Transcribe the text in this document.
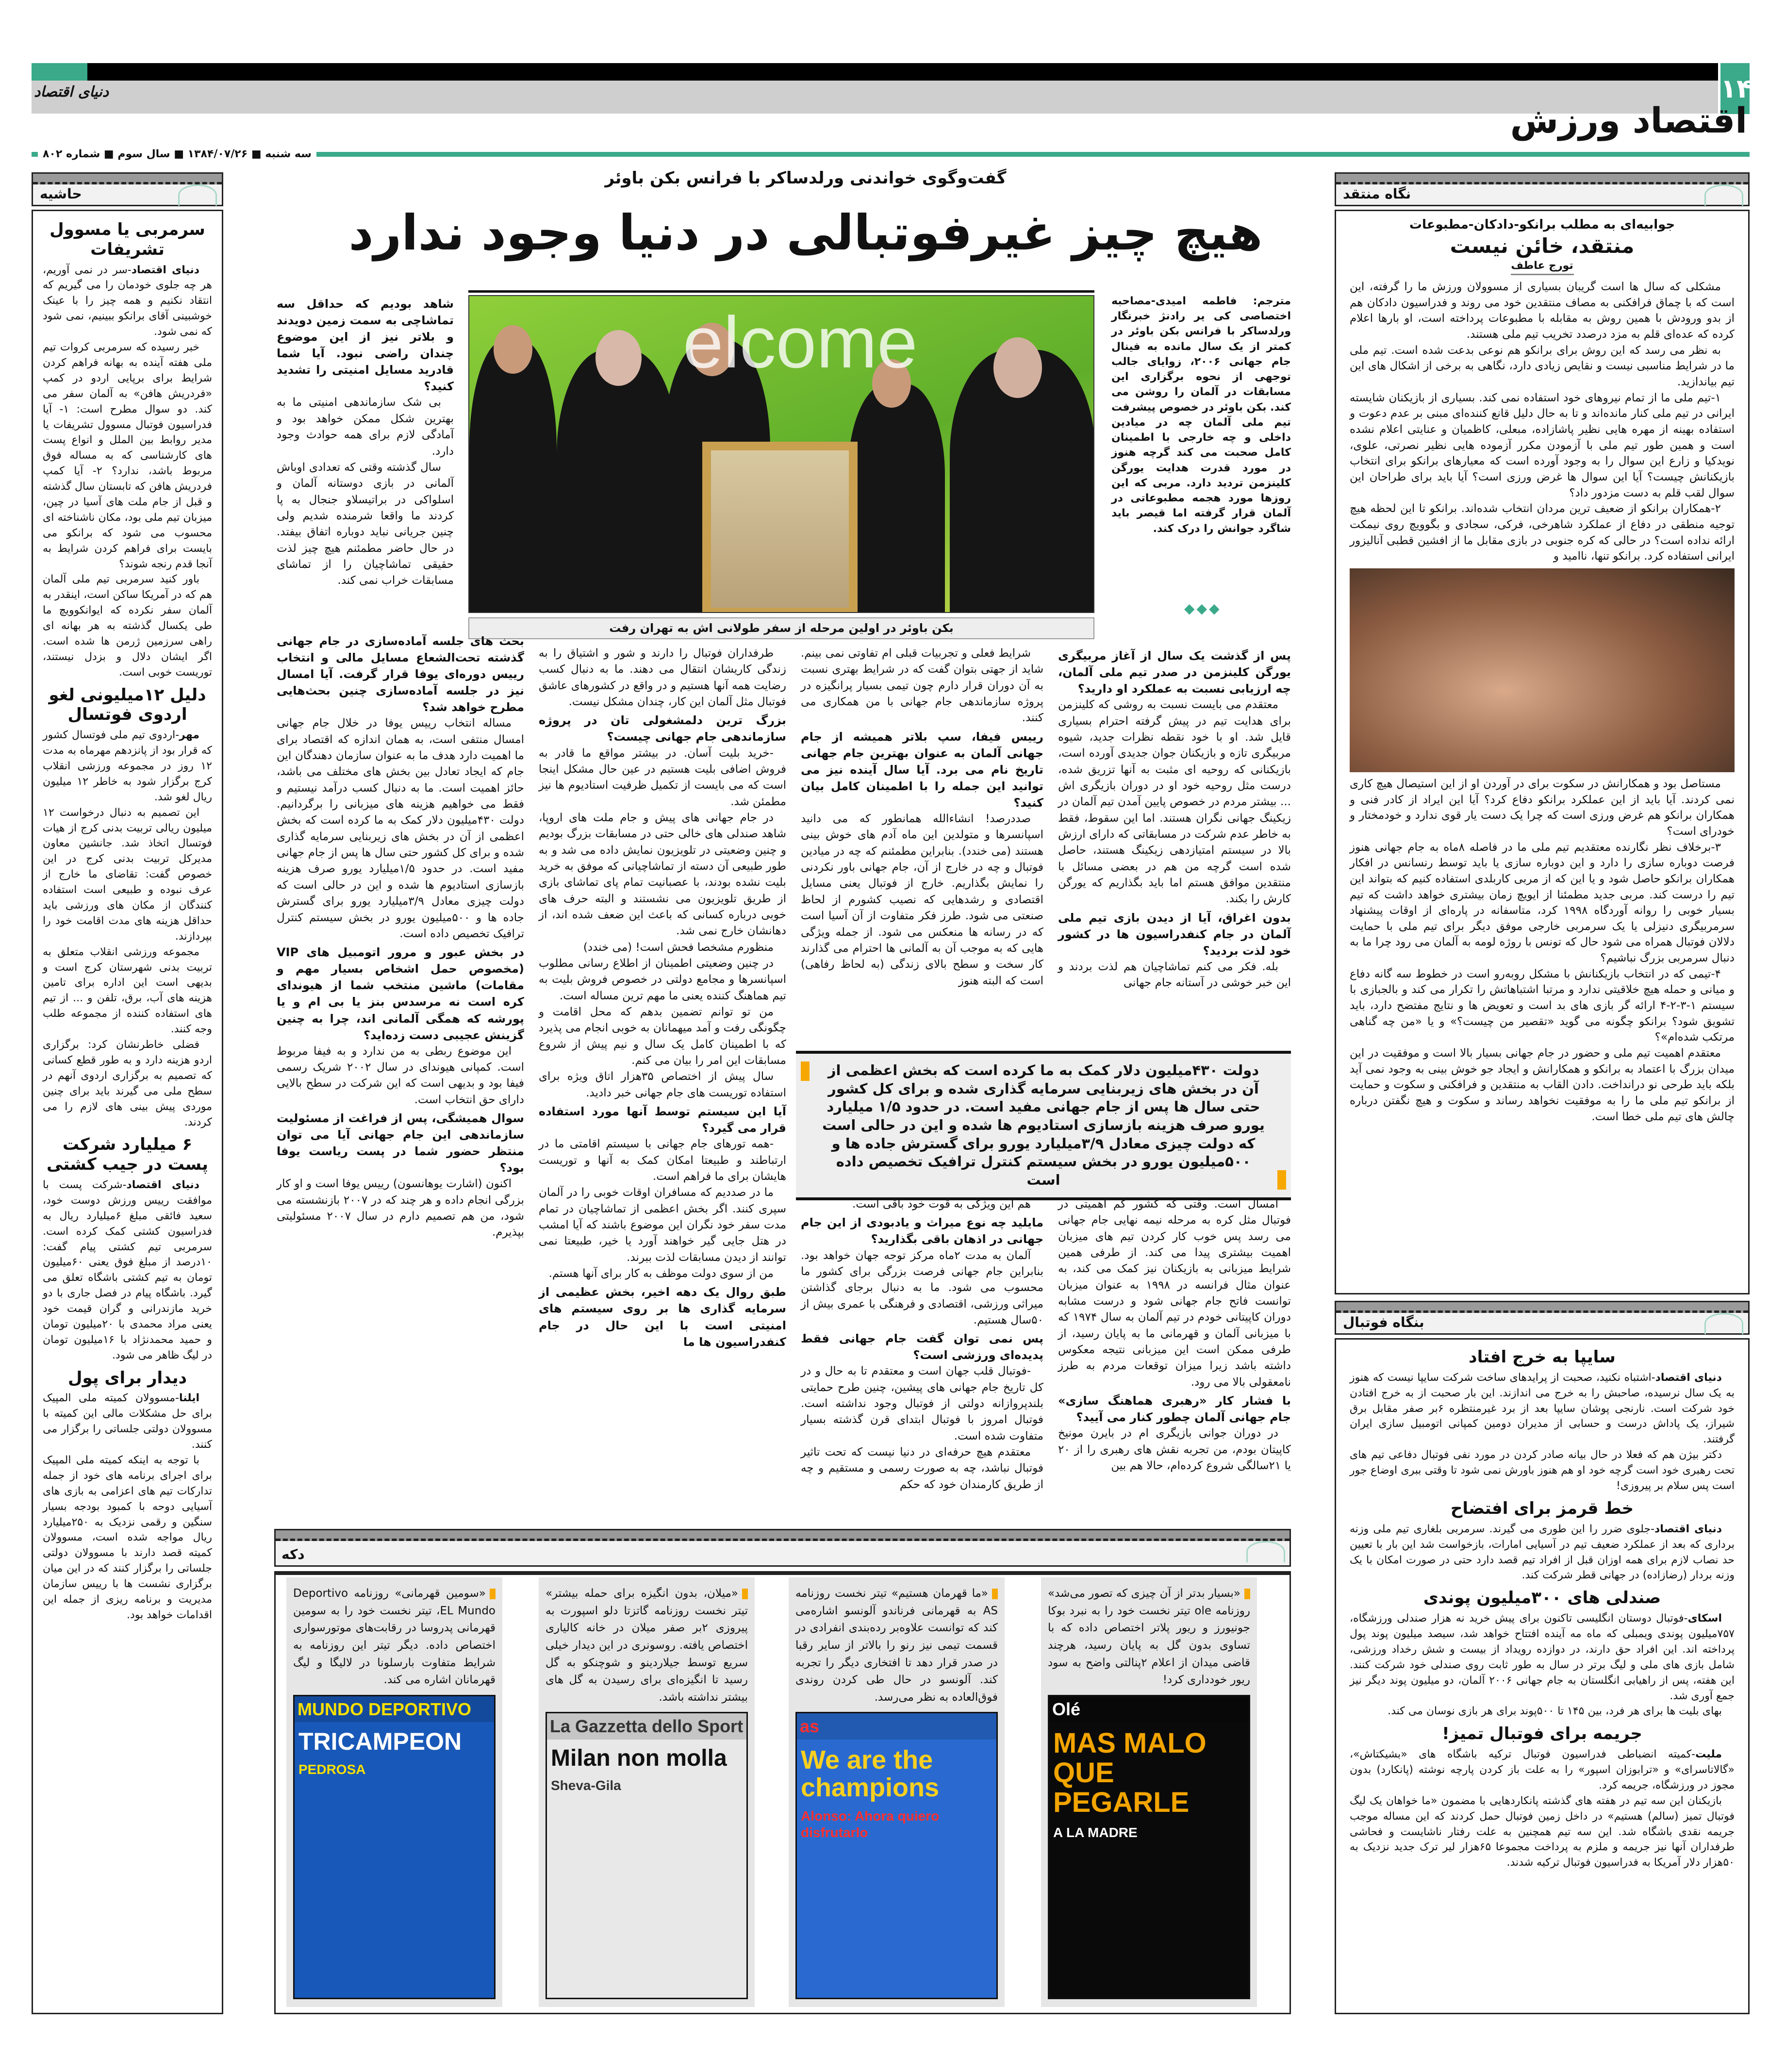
۱۴
دنیای اقتصاد
اقتصاد ورزش
سه شنبه ■ ۱۳۸۴/۰۷/۲۶ ■ سال سوم ■ شماره ۸۰۲
حاشیه
سرمربی یا مسوول تشریفات

دنیای اقتصاد-سر در نمی آوریم، هر چه جلوی خودمان را می گیریم که انتقاد نکنیم و همه چیز را با عینک خوشبینی آقای برانکو ببینیم، نمی شود که نمی شود.

خبر رسیده که سرمربی کروات تیم ملی هفته آینده به بهانه فراهم کردن شرایط برای برپایی اردو در کمپ «فردریش هافن» به آلمان سفر می کند. دو سوال مطرح است: ۱- آیا فدراسیون فوتبال مسوول تشریفات یا مدیر روابط بین الملل و انواع پست های کارشناسی که به مساله فوق مربوط باشد، ندارد؟ ۲- آیا کمپ فردریش هافن که تابستان سال گذشته و قبل از جام ملت های آسیا در چین، میزبان تیم ملی بود، مکان ناشناخته ای محسوب می شود که برانکو می بایست برای فراهم کردن شرایط به آنجا قدم رنجه شوند؟

باور کنید سرمربی تیم ملی آلمان هم که در آمریکا ساکن است، اینقدر به آلمان سفر نکرده که ایوانکوویچ ما طی یکسال گذشته به هر بهانه ای راهی سرزمین ژرمن ها شده است. اگر ایشان دلال و بزدل نیستند، توریست خوبی است.

دلیل ۱۲میلیونی لغو اردوی فوتسال

مهر-اردوی تیم ملی فوتسال کشور که قرار بود از پانزدهم مهرماه به مدت ۱۲ روز در مجموعه ورزشی انقلاب کرج برگزار شود به خاطر ۱۲ میلیون ریال لغو شد.

این تصمیم به دنبال درخواست ۱۲ میلیون ریالی تربیت بدنی کرج از هیات فوتسال اتخاذ شد. جانشین معاون مدیرکل تربیت بدنی کرج در این خصوص گفت: تقاضای ما خارج از عرف نبوده و طبیعی است استفاده کنندگان از مکان های ورزشی باید حداقل هزینه های مدت اقامت خود را بپردازند.

مجموعه ورزشی انقلاب متعلق به تربیت بدنی شهرستان کرج است و بدیهی است این اداره برای تامین هزینه های آب، برق، تلفن و ... از تیم های استفاده کننده از مجموعه طلب وجه کنند.

فضلی خاطرنشان کرد: برگزاری اردو هزینه دارد و به طور قطع کسانی که تصمیم به برگزاری اردوی آنهم در سطح ملی می گیرند باید برای چنین موردی پیش بینی های لازم را می کردند.

۶ میلیارد شرکت پست در جیب کشتی

دنیای اقتصاد-شرکت پست با موافقت رییس ورزش دوست خود، سعید فائقی مبلغ ۶میلیارد ریال به فدراسیون کشتی کمک کرده است. سرمربی تیم کشتی پیام گفت: ۱۰درصد از مبلغ فوق یعنی ۶۰میلیون تومان به تیم کشتی باشگاه تعلق می گیرد. باشگاه پیام در فصل جاری با دو خرید مازندرانی و گران قیمت خود یعنی مراد محمدی با ۲۰میلیون تومان و حمید محمدنژاد با ۱۶میلیون تومان در لیگ ظاهر می شود.

دیدار برای پول

ایلنا-مسوولان کمیته ملی المپیک برای حل مشکلات مالی این کمیته با مسوولان دولتی جلساتی را برگزار می کنند.

با توجه به اینکه کمیته ملی المپیک برای اجرای برنامه های خود از جمله تدارکات تیم های اعزامی به بازی های آسیایی دوحه با کمبود بودجه بسیار سنگین و رقمی نزدیک به ۲۵۰میلیارد ریال مواجه شده است، مسوولان کمیته قصد دارند با مسوولان دولتی جلساتی را برگزار کنند که در این میان برگزاری نشست ها با رییس سازمان مدیریت و برنامه ریزی از جمله این اقدامات خواهد بود.

گفت‌وگوی خواندنی ورلدساکر با فرانس بکن باوئر
هیچ چیز غیرفوتبالی در دنیا وجود ندارد
مترجم: فاطمه امیدی-مصاحبه اختصاصی کی یر رادنژ خبرنگار ورلدساکر با فرانس بکن باوئر در کمتر از یک سال مانده به فینال جام جهانی ۲۰۰۶، زوایای جالب توجهی از نحوه برگزاری این مسابقات در آلمان را روشن می کند. بکن باوئر در خصوص پیشرفت تیم ملی آلمان چه در میادین داخلی و چه خارجی با اطمینان کامل صحبت می کند گرچه هنوز در مورد قدرت هدایت یورگن کلینزمن تردید دارد. مربی که این روزها مورد هجمه مطبوعاتی در آلمان قرار گرفته اما قیصر باید شاگرد جوانش را درک کند.
◆◆◆
elcome
بکن باوئر در اولین مرحله از سفر طولانی اش به تهران رفت

شاهد بودیم که حداقل سه تماشاچی به سمت زمین دویدند و بلاتر نیز از این موضوع چندان راضی نبود. آیا شما قادرید مسایل امنیتی را تشدید کنید؟

بی شک سازماندهی امنیتی ما به بهترین شکل ممکن خواهد بود و آمادگی لازم برای همه حوادث وجود دارد.

سال گذشته وقتی که تعدادی اوباش آلمانی در بازی دوستانه آلمان و اسلواکی در براتیسلاو جنجال به پا کردند ما واقعا شرمنده شدیم ولی چنین جریانی نباید دوباره اتفاق بیفتد. در حال حاضر مطمئنم هیچ چیز لذت حقیقی تماشاچیان را از تماشای مسابقات خراب نمی کند.

بحث های جلسه آماده‌سازی در جام جهانی گذشته تحت‌الشعاع مسایل مالی و انتخاب رییس دوره‌ای یوفا قرار گرفت. آیا امسال نیز در جلسه آماده‌سازی چنین بحث‌هایی مطرح خواهد شد؟

مساله انتخاب رییس یوفا در خلال جام جهانی امسال منتفی است، به همان اندازه که اقتصاد برای ما اهمیت دارد هدف ما به عنوان سازمان دهندگان این جام که ایجاد تعادل بین بخش های مختلف می باشد، حائز اهمیت است. ما به دنبال کسب درآمد نیستیم و فقط می خواهیم هزینه های میزبانی را برگردانیم. دولت ۴۳۰میلیون دلار کمک به ما کرده است که بخش اعظمی از آن در بخش های زیربنایی سرمایه گذاری شده و برای کل کشور حتی سال ها پس از جام جهانی مفید است. در حدود ۱/۵میلیارد یورو صرف هزینه بازسازی استادیوم ها شده و این در حالی است که دولت چیزی معادل ۳/۹میلیارد یورو برای گسترش جاده ها و ۵۰۰میلیون یورو در بخش سیستم کنترل ترافیک تخصیص داده است.

در بخش عبور و مرور اتومبیل های VIP (مخصوص حمل اشخاص بسیار مهم و مقامات) ماشین منتخب شما از هیوندای کره است نه مرسدس بنز یا بی ام و یا پورشه که همگی آلمانی اند، چرا به چنین گزینش عجیبی دست زده‌اید؟

این موضوع ربطی به من ندارد و به فیفا مربوط است. کمپانی هیوندای در سال ۲۰۰۲ شریک رسمی فیفا بود و بدیهی است که این شرکت در سطح بالایی دارای حق انتخاب است.

سوال همیشگی، پس از فراغت از مسئولیت سازماندهی این جام جهانی آیا می توان منتظر حضور شما در پست ریاست یوفا بود؟

اکنون (اشارت یوهانسون) رییس یوفا است و او کار بزرگی انجام داده و هر چند که در ۲۰۰۷ بازنشسته می شود، من هم تصمیم دارم در سال ۲۰۰۷ مسئولیتی بپذیرم.

طرفداران فوتبال را دارند و شور و اشتیاق را به زندگی کاریشان انتقال می دهند. ما به دنبال کسب رضایت همه آنها هستیم و در واقع در کشورهای عاشق فوتبال مثل آلمان این کار، چندان مشکل نیست.

بزرگ ترین دلمشغولی تان در پروژه سازماندهی جام جهانی چیست؟

-خرید بلیت آسان. در بیشتر مواقع ما قادر به فروش اضافی بلیت هستیم در عین حال مشکل اینجا است که می بایست از تکمیل ظرفیت استادیوم ها نیز مطمئن شد.

در جام جهانی های پیش و جام ملت های اروپا، شاهد صندلی های خالی حتی در مسابقات بزرگ بودیم و چنین وضعیتی در تلویزیون نمایش داده می شد و به طور طبیعی آن دسته از تماشاچیانی که موفق به خرید بلیت نشده بودند، با عصبانیت تمام پای تماشای بازی از طریق تلویزیون می نشستند و البته حرف های خوبی درباره کسانی که باعث این ضعف شده اند، از دهانشان خارج نمی شد.

منظورم مشخصا فحش است! (می خندد)

در چنین وضعیتی اطمینان از اطلاع رسانی مطلوب اسپانسرها و مجامع دولتی در خصوص فروش بلیت به تیم هماهنگ کننده یعنی ما مهم ترین مساله است.

من تو توانم تضمین بدهم که محل اقامت و چگونگی رفت و آمد میهمانان به خوبی انجام می پذیرد که با اطمینان کامل یک سال و نیم پیش از شروع مسابقات این امر را بیان می کنم.

سال پیش از اختصاص ۳۵هزار اتاق ویژه برای استفاده توریست های جام جهانی خبر دادید.

آیا این سیستم توسط آنها مورد استفاده قرار می گیرد؟

-همه تورهای جام جهانی با سیستم اقامتی ما در ارتباطند و طبیعتا امکان کمک به آنها و توریست هایشان برای ما فراهم است.

ما در صددیم که مسافران اوقات خوبی را در آلمان سپری کنند. اگر بخش اعظمی از تماشاچیان در تمام مدت سفر خود نگران این موضوع باشند که آیا امشب در هتل جایی گیر خواهند آورد یا خیر، طبیعتا نمی توانند از دیدن مسابقات لذت ببرند.

من از سوی دولت موظف به کار برای آنها هستم.

طبق روال یک دهه اخیر، بخش عظیمی از سرمایه گذاری ها بر روی سیستم های امنیتی است با این حال در جام کنفدراسیون ها ما

شرایط فعلی و تجربیات قبلی ام تفاوتی نمی بینم. شاید از جهتی بتوان گفت که در شرایط بهتری نسبت به آن دوران قرار دارم چون تیمی بسیار پرانگیزه در پروژه سازماندهی جام جهانی با من همکاری می کنند.

رییس فیفا، سپ بلاتر همیشه از جام جهانی آلمان به عنوان بهترین جام جهانی تاریخ نام می برد. آیا سال آینده نیز می توانید این جمله را با اطمینان کامل بیان کنید؟

صددرصد! انشاءالله همانطور که می دانید اسپانسرها و متولدین این ماه آدم های خوش بینی هستند (می خندد). بنابراین مطمئنم که چه در میادین فوتبال و چه در خارج از آن، جام جهانی باور نکردنی را نمایش بگذاریم. خارج از فوتبال یعنی مسایل اقتصادی و رشدهایی که نصیب کشورم از لحاظ صنعتی می شود. طرز فکر متفاوت از آن آسیا است که در رسانه ها منعکس می شود. از جمله ویژگی هایی که به موجب آن به آلمانی ها احترام می گذارند کار سخت و سطح بالای زندگی (به لحاظ رفاهی) است که البته هنوز

پس از گذشت یک سال از آغاز مربیگری یورگن کلینزمن در صدر تیم ملی آلمان، چه ارزیابی نسبت به عملکرد او دارید؟

معتقدم می بایست نسبت به روشی که کلینزمن برای هدایت تیم در پیش گرفته احترام بسیاری قایل شد. او با خود نقطه نظرات جدید، شیوه مربیگری تازه و بازیکنان جوان جدیدی آورده است، بازیکنانی که روحیه ای مثبت به آنها تزریق شده، درست مثل روحیه خود او در دوران بازیگری اش ... بیشتر مردم در خصوص پایین آمدن تیم آلمان در زیکینگ جهانی نگران هستند. اما این سقوط، فقط به خاطر عدم شرکت در مسابقاتی که دارای ارزش بالا در سیستم امتیازدهی زیکینگ هستند، حاصل شده است گرچه من هم در بعضی مسائل با منتقدین موافق هستم اما باید بگذاریم که یورگن کارش را بکند.

بدون اغراق، آیا از دیدن بازی تیم ملی آلمان در جام کنفدراسیون ها در کشور خود لذت بردید؟

بله. فکر می کنم تماشاچیان هم لذت بردند و این خبر خوشی در آستانه جام جهانی

دولت ۴۳۰میلیون دلار کمک به ما کرده است که بخش اعظمی از آن در بخش های زیربنایی سرمایه گذاری شده و برای کل کشور حتی سال ها پس از جام جهانی مفید است. در حدود ۱/۵ میلیارد یورو صرف هزینه بازسازی استادیوم ها شده و این در حالی است که دولت چیزی معادل ۳/۹میلیارد یورو برای گسترش جاده ها و ۵۰۰میلیون یورو در بخش سیستم کنترل ترافیک تخصیص داده است

امسال است. وقتی که کشور کم اهمیتی در فوتبال مثل کره به مرحله نیمه نهایی جام جهانی می رسد پس خوب کار کردن تیم های میزبان اهمیت بیشتری پیدا می کند. از طرفی همین شرایط میزبانی به بازیکنان نیز کمک می کند، به عنوان مثال فرانسه در ۱۹۹۸ به عنوان میزبان توانست فاتح جام جهانی شود و درست مشابه دوران کاپیتانی خودم در تیم آلمان به سال ۱۹۷۴ که با میزبانی آلمان و قهرمانی ما به پایان رسید، از طرفی ممکن است این میزبانی نتیجه معکوس داشته باشد زیرا میزان توقعات مردم به طرز نامعقولی بالا می رود.

با فشار کار «رهبری هماهنگ سازی» جام جهانی آلمان چطور کنار می آیید؟

در دوران جوانی بازیگری ام در بایرن مونیخ کاپیتان بودم، من تجربه نقش های رهبری را از ۲۰ یا ۲۱سالگی شروع کرده‌ام، حالا هم بین

هم این ویژگی به قوت خود باقی است.

مایلید چه نوع میراث و یادبودی از این جام جهانی در اذهان باقی بگذارید؟

آلمان به مدت ۲ماه مرکز توجه جهان خواهد بود. بنابراین جام جهانی فرصت بزرگی برای کشور ما محسوب می شود. ما به دنبال برجای گذاشتن میراثی ورزشی، اقتصادی و فرهنگی با عمری بیش از ۵۰سال هستیم.

پس نمی توان گفت جام جهانی فقط پدیده‌ای ورزشی است؟

-فوتبال قلب جهان است و معتقدم تا به حال و در کل تاریخ جام جهانی های پیشین، چنین طرح حمایتی بلندپروازانه دولتی از فوتبال وجود نداشته است. فوتبال امروز با فوتبال ابتدای قرن گذشته بسیار متفاوت شده است.

معتقدم هیچ حرفه‌ای در دنیا نیست که تحت تاثیر فوتبال نباشد، چه به صورت رسمی و مستقیم و چه از طریق کارمندان خود که حکم

دکه
«بسیار بدتر از آن چیزی که تصور می‌شد» روزنامه ole تیتر نخست خود را به نبرد بوکا جونیورز و ریور پلاتر اختصاص داده که با تساوی بدون گل به پایان رسید، هرچند قاضی میدان از اعلام ۲پنالتی واضح به سود ریور خودداری کرد!
Olé
MAS MALO QUE PEGARLE
A LA MADRE
«ما قهرمان هستیم» تیتر نخست روزنامه AS به قهرمانی فرناندو آلونسو اشاره‌می کند که توانست علاوه‌بر رده‌بندی انفرادی در قسمت تیمی نیز رنو را بالاتر از سایر رقبا در صدر قرار دهد تا افتخاری دیگر را تجربه کند. آلونسو در حال طی کردن روندی فوق‌العاده به نظر می‌رسد.
as
We are the champions
Alonso: Ahora quiero disfrutarlo
«میلان، بدون انگیزه برای حمله بیشتر» تیتر نخست روزنامه گاتزتا دلو اسپورت به پیروزی ۲بر صفر میلان در خانه کالیاری اختصاص یافته. روسونری در این دیدار خیلی سریع توسط جیلاردینو و شوچنکو به گل رسید تا انگیزه‌ای برای رسیدن به گل های بیشتر نداشته باشد.
La Gazzetta dello Sport
Milan non molla
Sheva-Gila
«سومین قهرمانی» روزنامه Deportivo EL Mundo، تیتر نخست خود را به سومین قهرمانی پدروسا در رقابت‌های موتورسواری اختصاص داده. دیگر تیتر این روزنامه به شرایط متفاوت بارسلونا در لالیگا و لیگ قهرمانان اشاره می کند.
MUNDO DEPORTIVO
TRICAMPEON
PEDROSA
نگاه منتقد
جوابیه‌ای به مطلب برانکو-دادکان-مطبوعات
منتقد، خائن نیست
تورج عاطف

مشکلی که سال ها است گریبان بسیاری از مسوولان ورزش ما را گرفته، این است که با چماق فرافکنی به مصاف منتقدین خود می روند و فدراسیون دادکان هم از بدو ورودش با همین روش به مقابله با مطبوعات پرداخته است، او بارها اعلام کرده که عده‌ای قلم به مزد درصدد تخریب تیم ملی هستند.

به نظر می رسد که این روش برای برانکو هم نوعی بدعت شده است. تیم ملی ما در شرایط مناسبی نیست و نقایص زیادی دارد، نگاهی به برخی از اشکال های این تیم بیاندازید.

۱-تیم ملی ما از تمام نیروهای خود استفاده نمی کند. بسیاری از بازیکنان شایسته ایرانی در تیم ملی کنار مانده‌اند و تا به حال دلیل قانع کننده‌ای مبنی بر عدم دعوت و استفاده بهینه از مهره هایی نظیر پاشازاده، مبعلی، کاظمیان و عنایتی اعلام نشده است و همین طور تیم ملی با آزمودن مکرر آزموده هایی نظیر نصرتی، علوی، نویدکیا و زارع این سوال را به وجود آورده است که معیارهای برانکو برای انتخاب بازیکنانش چیست؟ آیا این سوال ها غرض ورزی است؟ آیا باید برای طراحان این سوال لقب قلم به دست مزدور داد؟

۲-همکاران برانکو از ضعیف ترین مردان انتخاب شده‌اند. برانکو تا این لحظه هیچ توجیه منطقی در دفاع از عملکرد شاهرخی، فرکی، سجادی و بگوویچ روی نیمکت ارائه نداده است؟ در حالی که کره جنوبی در بازی مقابل ما از افشین قطبی آنالیزور ایرانی استفاده کرد. برانکو تنها، ناامید و

مستاصل بود و همکارانش در سکوت برای در آوردن او از این استیصال هیچ کاری نمی کردند. آیا باید از این عملکرد برانکو دفاع کرد؟ آیا این ایراد از کادر فنی و همکاران برانکو هم غرض ورزی است که چرا یک دست یار قوی ندارد و خودمختار و خودرای است؟

۳-برخلاف نظر نگارنده معتقدیم تیم ملی ما در فاصله ۸ماه به جام جهانی هنوز فرصت دوباره سازی را دارد و این دوباره سازی یا باید توسط رنسانس در افکار همکاران برانکو حاصل شود و یا این که از مربی کاربلدی استفاده کنیم که بتواند این تیم را درست کند. مربی جدید مطمئنا از ایویچ زمان بیشتری خواهد داشت که تیم بسیار خوبی را روانه آوردگاه ۱۹۹۸ کرد، متاسفانه در پاره‌ای از اوقات پیشنهاد سرمربیگری دنیزلی یا یک سرمربی خارجی موفق دیگر برای تیم ملی با حمایت دلالان فوتبال همراه می شود حال که تونس با روژه لومه به آلمان می رود چرا ما به دنبال سرمربی بزرگ نباشیم؟

۴-تیمی که در انتخاب بازیکنانش با مشکل روبه‌رو است در خطوط سه گانه دفاع و میانی و حمله هیچ خلاقیتی ندارد و مرتبا اشتباهاتش را تکرار می کند و بالجبازی با سیستم ۱-۳-۲-۴ ارائه گر بازی های بد است و تعویض ها و نتایج مفتضح دارد، باید تشویق شود؟ برانکو چگونه می گوید «تقصیر من چیست؟» و یا «من چه گناهی مرتکب شده‌ام»؟

معتقدم اهمیت تیم ملی و حضور در جام جهانی بسیار بالا است و موفقیت در این میدان بزرگ با اعتماد به برانکو و همکارانش و ایجاد جو خوش بینی به وجود نمی آید بلکه باید طرحی نو درانداخت. دادن القاب به منتقدین و فرافکنی و سکوت و حمایت از برانکو تیم ملی ما را به موفقیت نخواهد رساند و سکوت و هیچ نگفتن درباره چالش های تیم ملی خطا است.

بنگاه فوتبال
سایپا به خرج افتاد

دنیای اقتصاد-اشتباه نکنید، صحبت از پرایدهای ساخت شرکت سایپا نیست که هنوز به یک سال نرسیده، صاحبش را به خرج می اندازند. این بار صحبت از به خرج افتادن خود شرکت است. نارنجی پوشان سایپا بعد از برد غیرمنتظره ۶بر صفر مقابل برق شیراز، یک پاداش درست و حسابی از مدیران دومین کمپانی اتومبیل سازی ایران گرفتند.

دکتر بیژن هم که فعلا در حال بیانه صادر کردن در مورد نفی فوتبال دفاعی تیم های تحت رهبری خود است گرچه خود او هم هنوز باورش نمی شود تا وقتی ببری اوضاع جور است پس سلام بر پیروزی!

خط قرمز برای افتضاح

دنیای اقتصاد-جلوی ضرر را این طوری می گیرند. سرمربی بلغاری تیم ملی وزنه برداری که بعد از عملکرد ضعیف تیم در آسیایی امارات، بازخواست شد این بار با تعیین حد نصاب لازم برای همه اوزان قبل از افراد تیم قصد دارد حتی در صورت امکان با یک وزنه بردار (رضازاده) در جهانی قطر شرکت کند.

صندلی های ۳۰۰میلیون پوندی

اسکای-فوتبال دوستان انگلیسی تاکنون برای پیش خرید نه هزار صندلی ورزشگاه، ۷۵۷میلیون پوندی ویمبلی که ماه مه آینده افتتاح خواهد شد، سیصد میلیون پوند پول پرداخته اند. این افراد حق دارند، در دوازده رویداد از بیست و شش رخداد ورزشی، شامل بازی های ملی و لیگ برتر در سال به طور ثابت روی صندلی خود شرکت کنند. این هفته، پس از راهیابی انگلستان به جام جهانی ۲۰۰۶ آلمان، دو میلیون پوند دیگر نیز جمع آوری شد.

بهای بلیت ها برای هر فرد، بین ۱۴۵ تا ۵۰۰پوند برای هر بازی نوسان می کند.

جریمه برای فوتبال تمیز!

ملیت-کمیته انضباطی فدراسیون فوتبال ترکیه باشگاه های «بشیکتاش»، «گالاتاسرای» و «ترابوزان اسپور» را به علت باز کردن پارچه نوشته (پانکارد) بدون مجوز در ورزشگاه، جریمه کرد.

بازیکنان این سه تیم در هفته های گذشته پانکاردهایی با مضمون «ما خواهان یک لیگ فوتبال تمیز (سالم) هستیم» در داخل زمین فوتبال حمل کردند که این مساله موجب جریمه نقدی باشگاه شد. این سه تیم همچنین به علت رفتار ناشایست و فحاشی طرفداران آنها نیز جریمه و ملزم به پرداخت مجموعا ۶۵هزار لیر ترک جدید نزدیک به ۵۰هزار دلار آمریکا به فدراسیون فوتبال ترکیه شدند.
